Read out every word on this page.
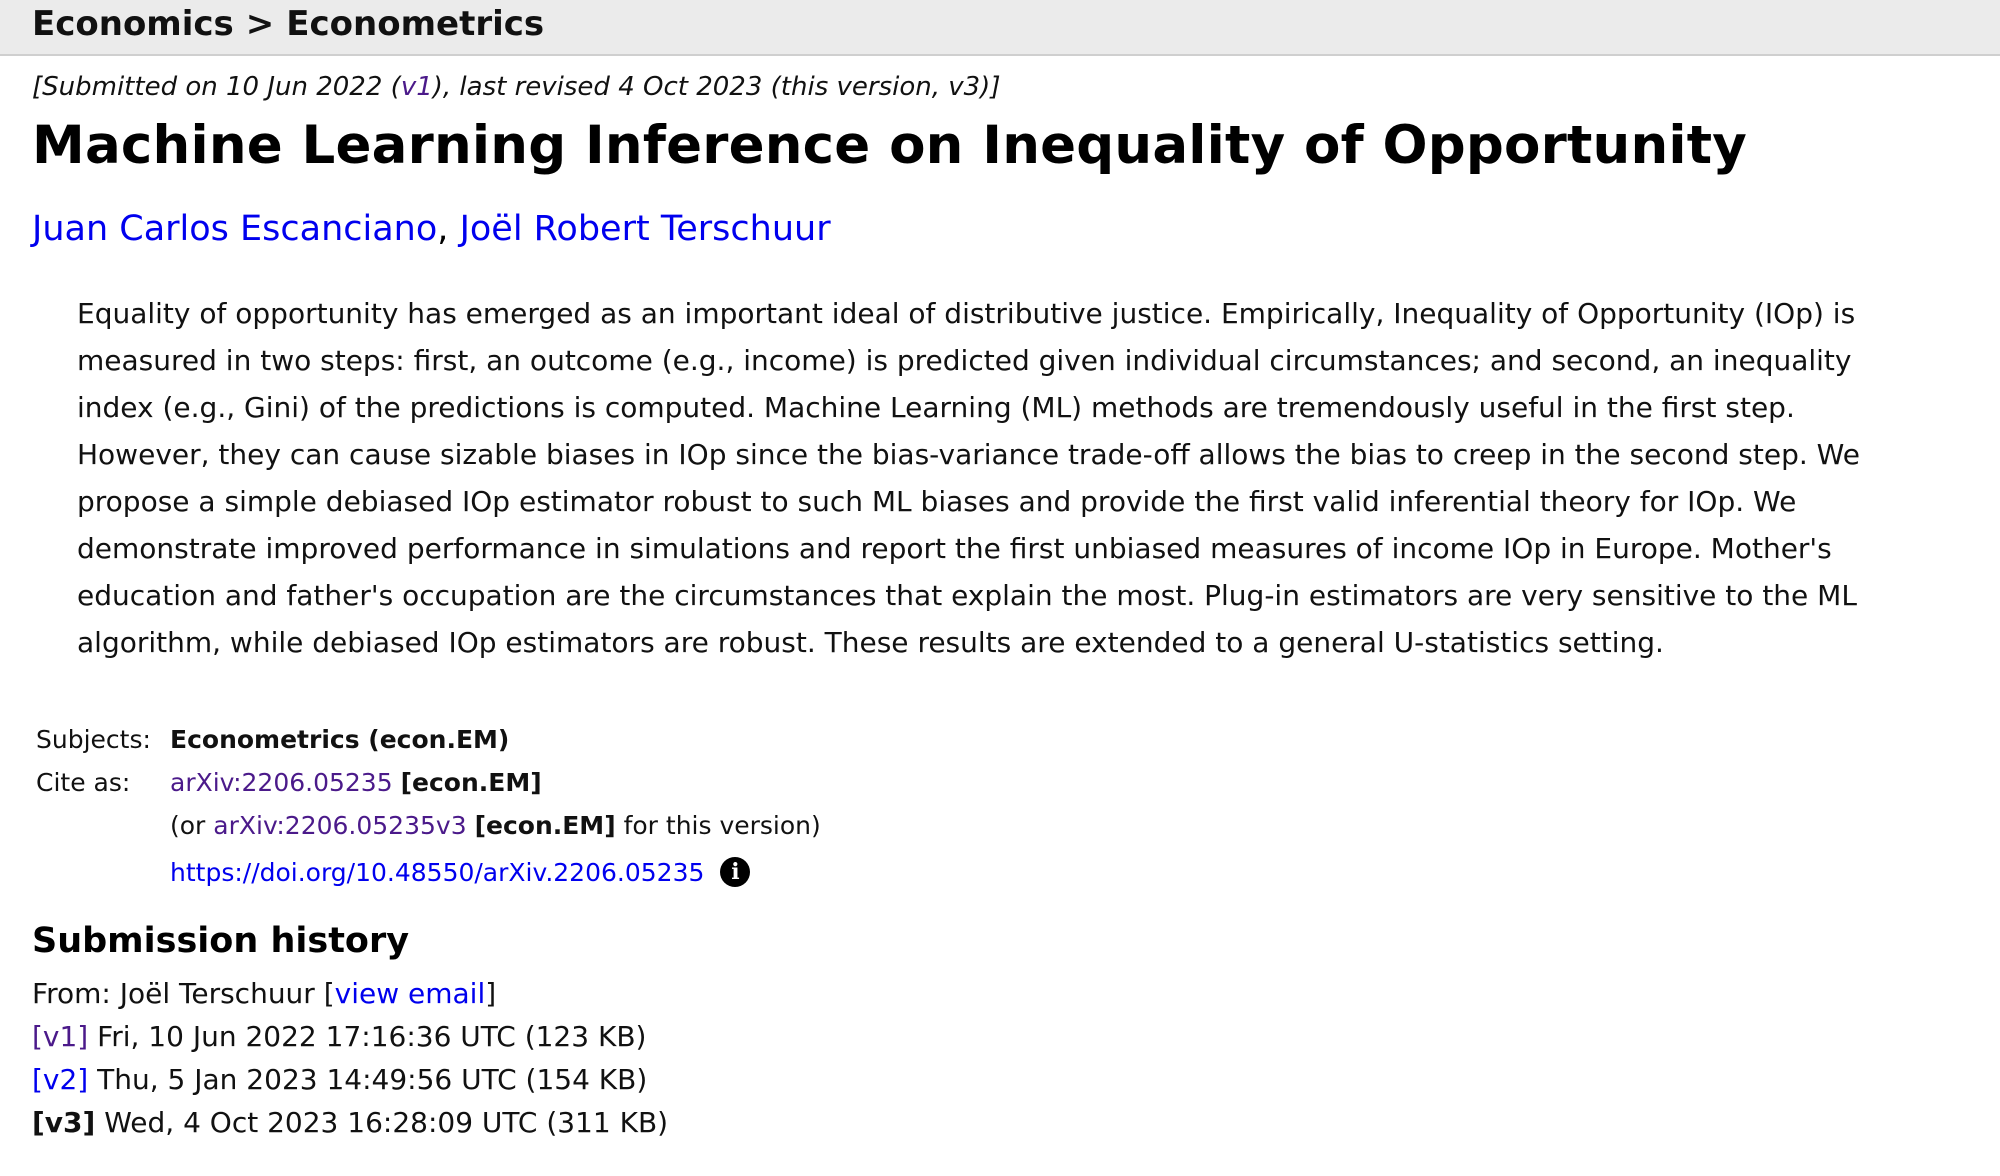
Economics > Econometrics
[Submitted on 10 Jun 2022 (v1), last revised 4 Oct 2023 (this version, v3)]
Machine Learning Inference on Inequality of Opportunity
Juan Carlos Escanciano, Joël Robert Terschuur
Equality of opportunity has emerged as an important ideal of distributive justice. Empirically, Inequality of Opportunity (IOp) is
measured in two steps: first, an outcome (e.g., income) is predicted given individual circumstances; and second, an inequality
index (e.g., Gini) of the predictions is computed. Machine Learning (ML) methods are tremendously useful in the first step.
However, they can cause sizable biases in IOp since the bias-variance trade-off allows the bias to creep in the second step. We
propose a simple debiased IOp estimator robust to such ML biases and provide the first valid inferential theory for IOp. We
demonstrate improved performance in simulations and report the first unbiased measures of income IOp in Europe. Mother's
education and father's occupation are the circumstances that explain the most. Plug-in estimators are very sensitive to the ML
algorithm, while debiased IOp estimators are robust. These results are extended to a general U-statistics setting.
Subjects: Econometrics (econ.EM)
Cite as:	arXiv:2206.05235 [econ.EM]
(or arXiv:2206.05235v3 [econ.EM] for this version)
https://doi.org/10.48550/arXiv.2206.05235 i
Submission history
From: Joël Terschuur [view email]
[v1] Fri, 10 Jun 2022 17:16:36 UTC (123 KB)
[v2] Thu, 5 Jan 2023 14:49:56 UTC (154 KB)
[v3] Wed, 4 Oct 2023 16:28:09 UTC (311 KB)
